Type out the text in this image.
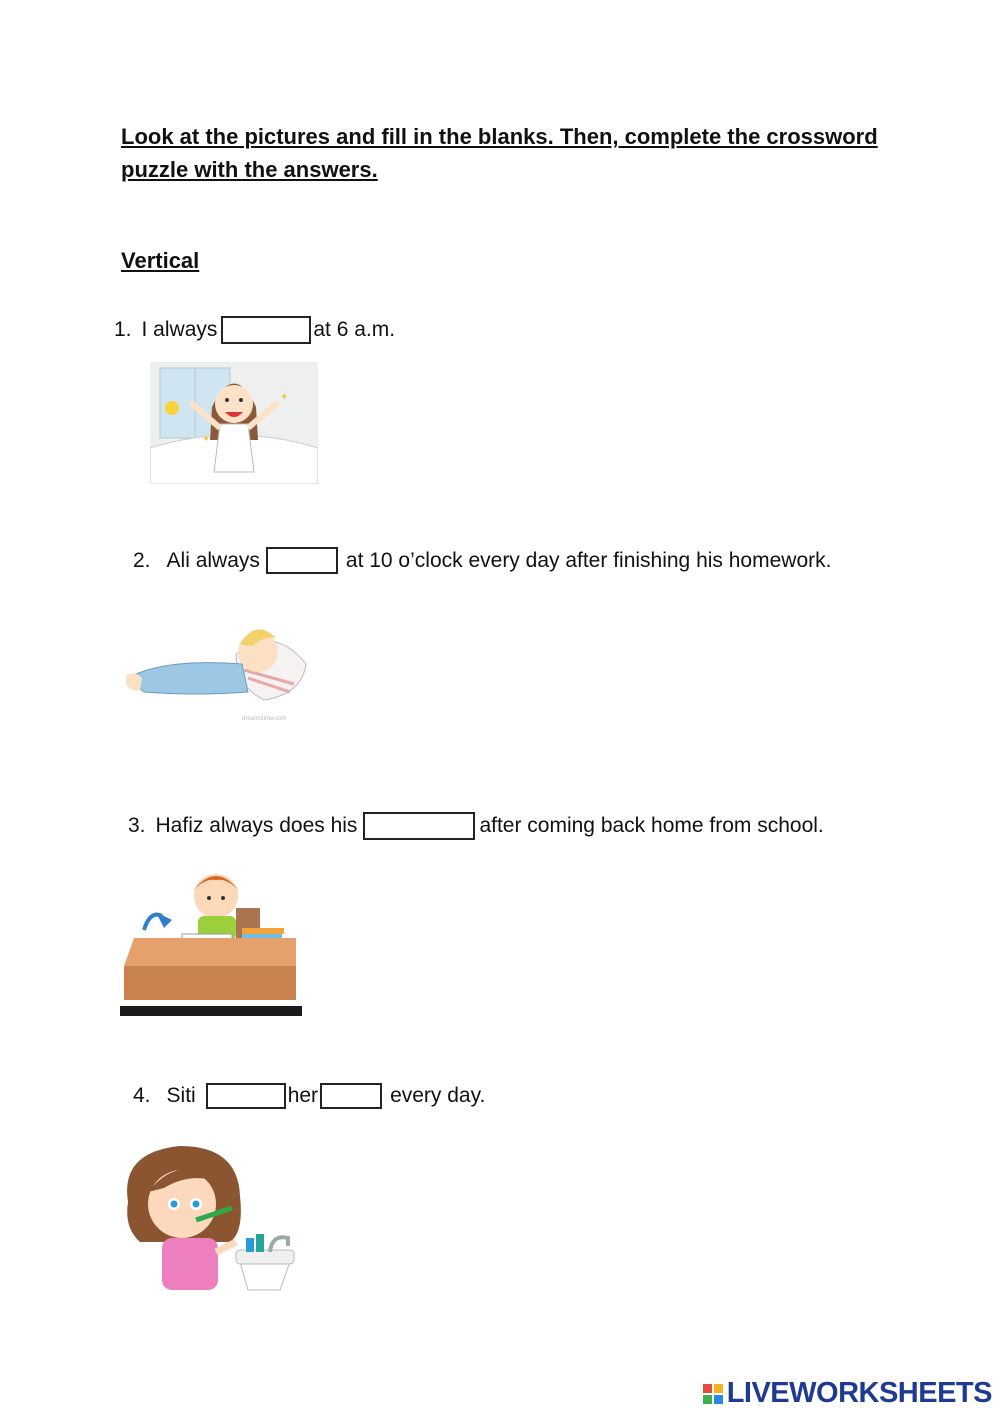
Look at the pictures and fill in the blanks. Then, complete the crossword puzzle with the answers.
Vertical
1. I always	at 6 a.m.
✦
✦
2. Ali always	at 10 o’clock every day after finishing his homework.
dreamstime.com
3. Hafiz always does his	after coming back home from school.
4. Siti	her	every day.
LIVEWORKSHEETS
